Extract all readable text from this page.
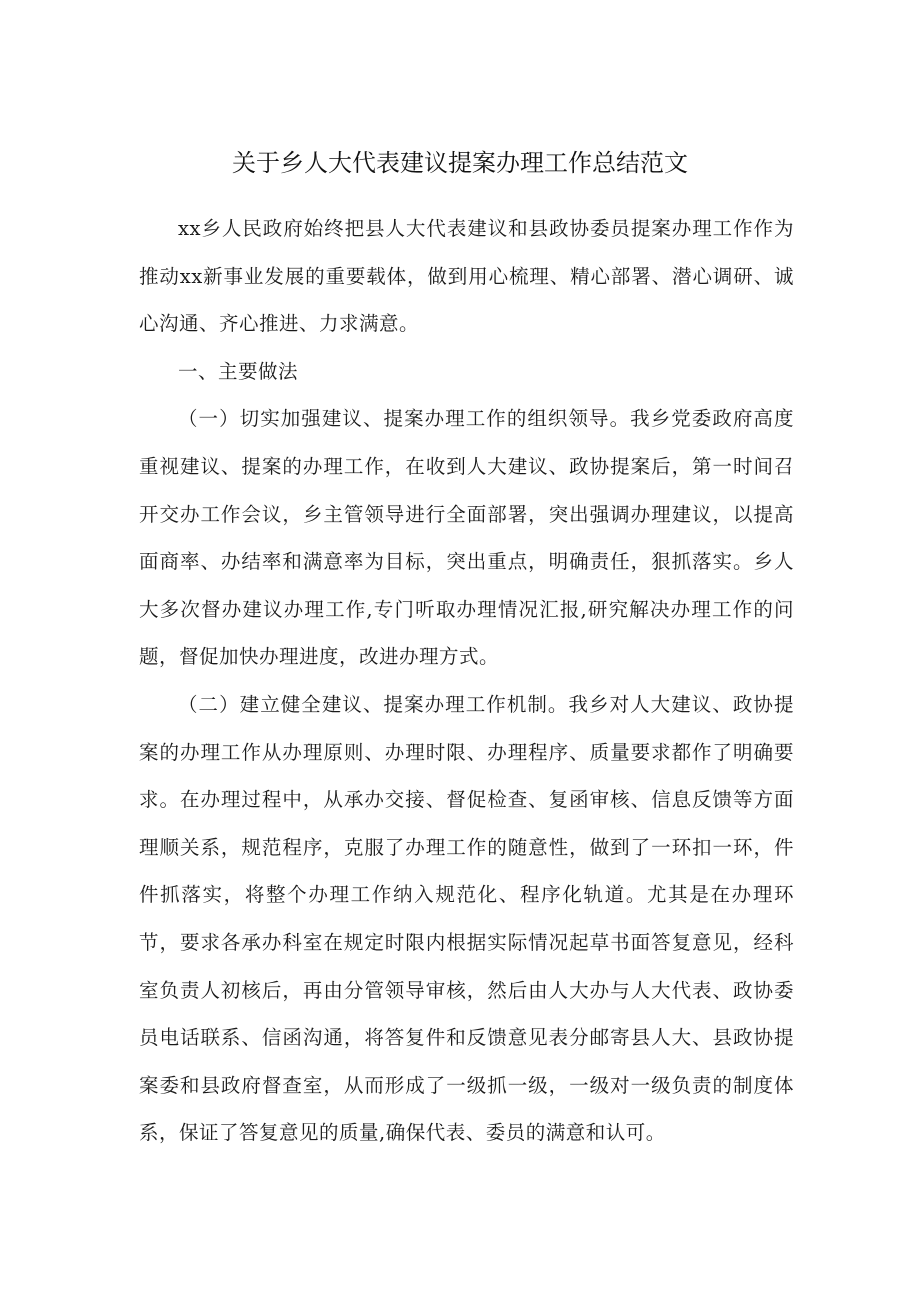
关于乡人大代表建议提案办理工作总结范文

xx乡人民政府始终把县人大代表建议和县政协委员提案办理工作作为推动xx新事业发展的重要载体，做到用心梳理、精心部署、潜心调研、诚心沟通、齐心推进、力求满意。

一、主要做法

（一）切实加强建议、提案办理工作的组织领导。我乡党委政府高度重视建议、提案的办理工作，在收到人大建议、政协提案后，第一时间召开交办工作会议，乡主管领导进行全面部署，突出强调办理建议，以提高面商率、办结率和满意率为目标，突出重点，明确责任，狠抓落实。乡人大多次督办建议办理工作,专门听取办理情况汇报,研究解决办理工作的问题，督促加快办理进度，改进办理方式。

（二）建立健全建议、提案办理工作机制。我乡对人大建议、政协提案的办理工作从办理原则、办理时限、办理程序、质量要求都作了明确要求。在办理过程中，从承办交接、督促检查、复函审核、信息反馈等方面理顺关系，规范程序，克服了办理工作的随意性，做到了一环扣一环，件件抓落实，将整个办理工作纳入规范化、程序化轨道。尤其是在办理环节，要求各承办科室在规定时限内根据实际情况起草书面答复意见，经科室负责人初核后，再由分管领导审核，然后由人大办与人大代表、政协委员电话联系、信函沟通，将答复件和反馈意见表分邮寄县人大、县政协提案委和县政府督查室，从而形成了一级抓一级，一级对一级负责的制度体系，保证了答复意见的质量,确保代表、委员的满意和认可。
